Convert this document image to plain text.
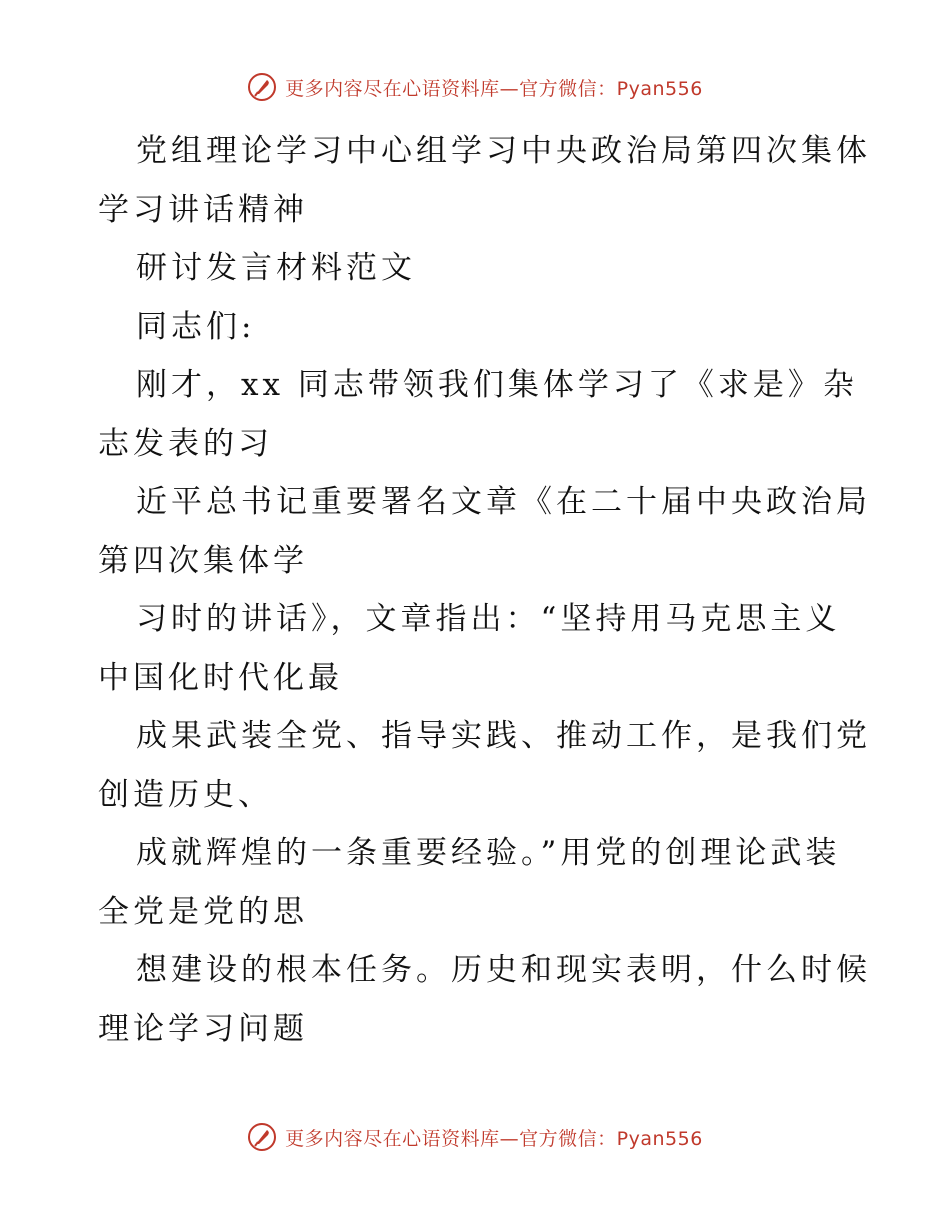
更多内容尽在心语资料库—官方微信：Pyan556
党组理论学习中心组学习中央政治局第四次集体
学习讲话精神
研讨发言材料范文
同志们:
刚才，xx 同志带领我们集体学习了《求是》杂
志发表的习
近平总书记重要署名文章《在二十届中央政治局
第四次集体学
习时的讲话》，文章指出：“坚持用马克思主义
中国化时代化最
成果武装全党、指导实践、推动工作，是我们党
创造历史、
成就辉煌的一条重要经验。”用党的创理论武装
全党是党的思
想建设的根本任务。历史和现实表明，什么时候
理论学习问题
更多内容尽在心语资料库—官方微信：Pyan556
